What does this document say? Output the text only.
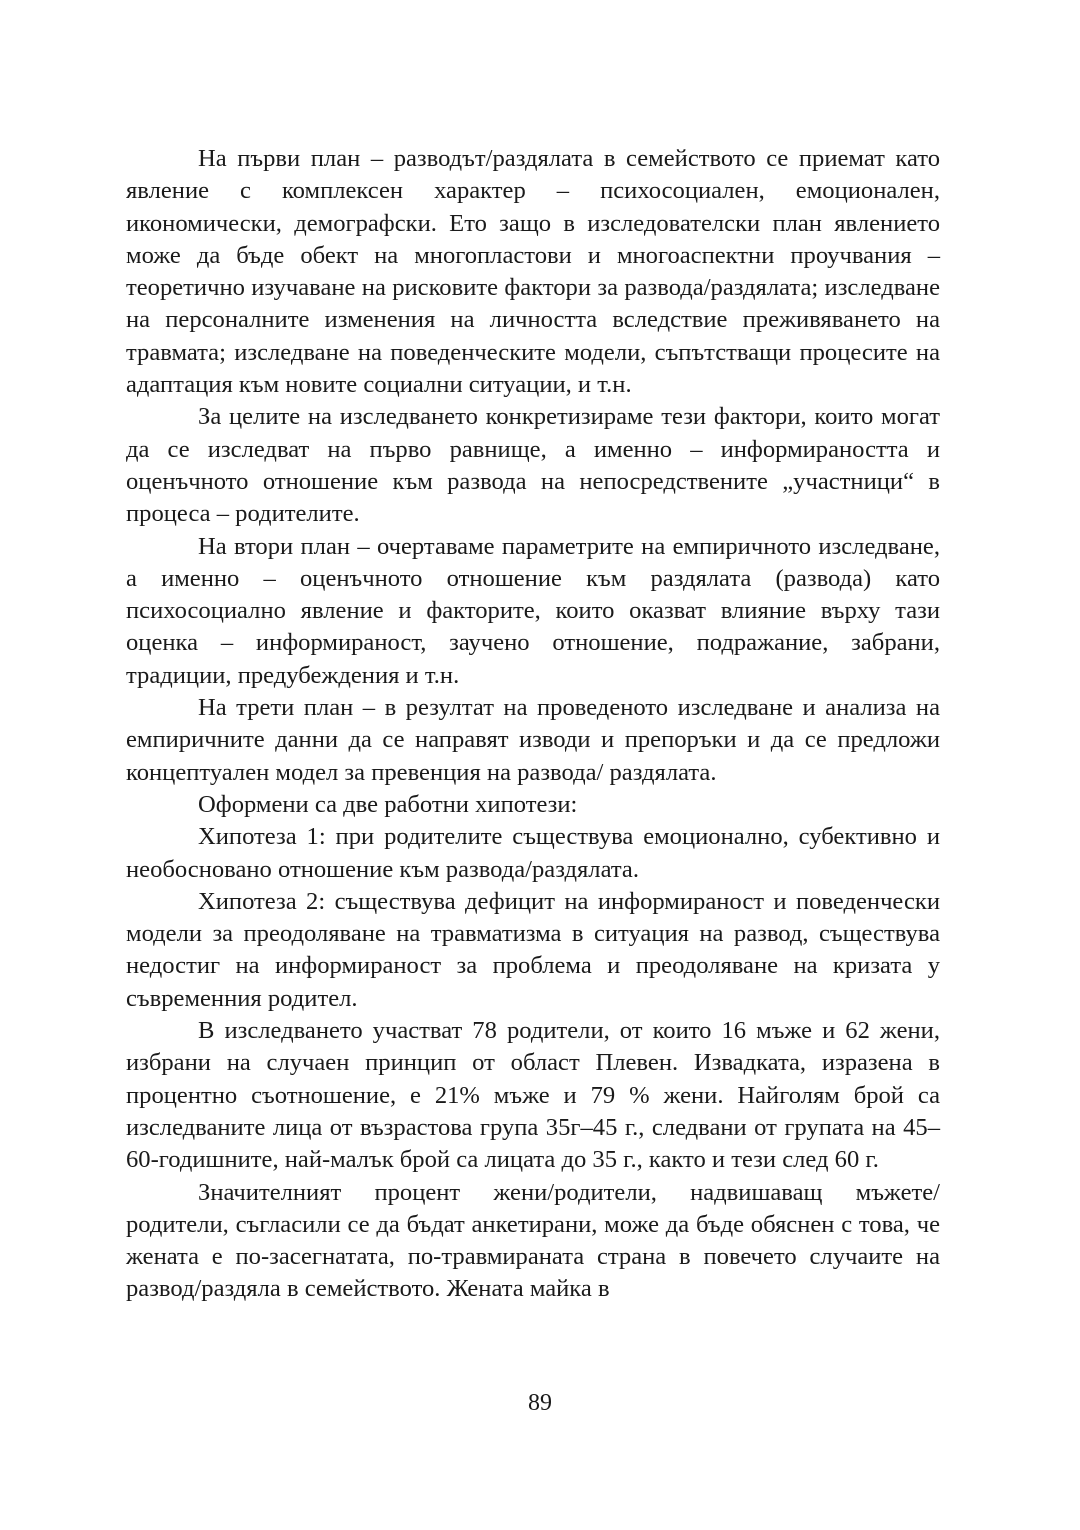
На първи план – разводът/раздялата в семейството се приемат като явление с комплексен характер – психосоциален, емоционален, икономически, демографски. Ето защо в изследователски план явлението може да бъде обект на многопластови и многоаспектни проучвания – теоретично изучаване на рисковите фактори за развода/раздялата; изследване на персоналните изменения на личността вследствие преживяването на травмата; изследване на поведенческите модели, съпътстващи процесите на адаптация към новите социални ситуации, и т.н.

За целите на изследването конкретизираме тези фактори, които могат да се изследват на първо равнище, а именно – информираността и оценъчното отношение към развода на непосредствените „участници“ в процеса – родителите.

На втори план – очертаваме параметрите на емпиричното изследване, а именно – оценъчното отношение към раздялата (развода) като психосоциално явление и факторите, които оказват влияние върху тази оценка – информираност, заучено отношение, подражание, забрани, традиции, предубеждения и т.н.

На трети план – в резултат на проведеното изследване и анализа на емпиричните данни да се направят изводи и препоръки и да се предложи концептуален модел за превенция на развода/ раздялата.

Оформени са две работни хипотези:

Хипотеза 1: при родителите съществува емоционално, субективно и необосновано отношение към развода/раздялата.

Хипотеза 2: съществува дефицит на информираност и поведенчески модели за преодоляване на травматизма в ситуация на развод, съществува недостиг на информираност за проблема и преодоляване на кризата у съвременния родител.

В изследването участват 78 родители, от които 16 мъже и 62 жени, избрани на случаен принцип от област Плевен. Извадката, изразена в процентно съотношение, е 21% мъже и 79 % жени. Найголям брой са изследваните лица от възрастова група 35г–45 г., следвани от групата на 45–60-годишните, най-малък брой са лицата до 35 г., както и тези след 60 г.

Значителният процент жени/родители, надвишаващ мъжете/ родители, съгласили се да бъдат анкетирани, може да бъде обяснен с това, че жената е по-засегнатата, по-травмираната страна в повечето случаите на развод/раздяла в семейството. Жената майка в

89
